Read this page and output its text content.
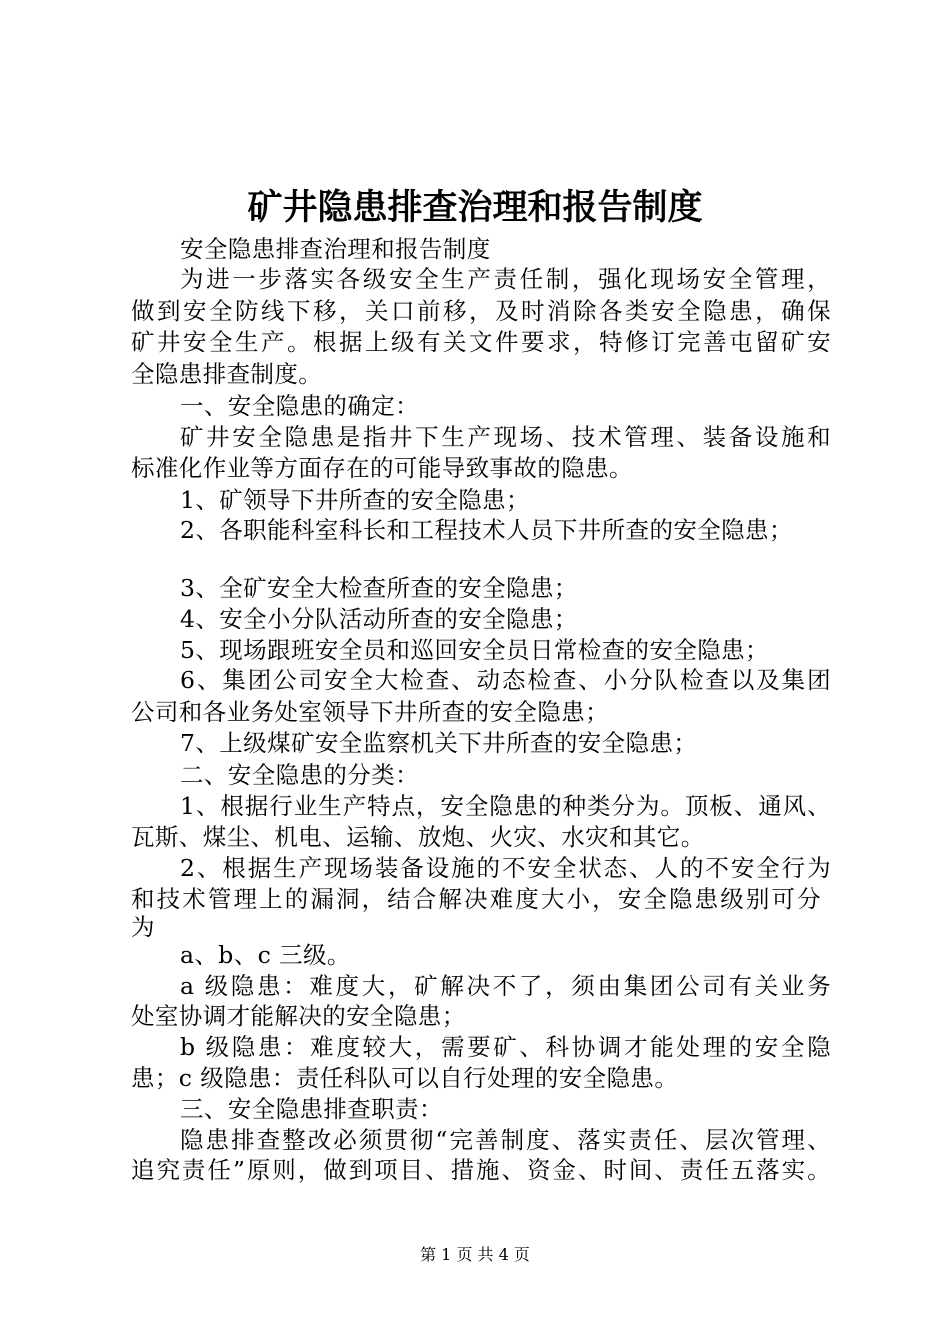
矿井隐患排查治理和报告制度

安全隐患排查治理和报告制度

为进一步落实各级安全生产责任制，强化现场安全管理，

做到安全防线下移，关口前移，及时消除各类安全隐患，确保

矿井安全生产。根据上级有关文件要求，特修订完善屯留矿安

全隐患排查制度。

一、安全隐患的确定：

矿井安全隐患是指井下生产现场、技术管理、装备设施和

标准化作业等方面存在的可能导致事故的隐患。

1、矿领导下井所查的安全隐患；

2、各职能科室科长和工程技术人员下井所查的安全隐患；

3、全矿安全大检查所查的安全隐患；

4、安全小分队活动所查的安全隐患；

5、现场跟班安全员和巡回安全员日常检查的安全隐患；

6、集团公司安全大检查、动态检查、小分队检查以及集团

公司和各业务处室领导下井所查的安全隐患；

7、上级煤矿安全监察机关下井所查的安全隐患；

二、安全隐患的分类：

1、根据行业生产特点，安全隐患的种类分为。顶板、通风、

瓦斯、煤尘、机电、运输、放炮、火灾、水灾和其它。

2、根据生产现场装备设施的不安全状态、人的不安全行为

和技术管理上的漏洞，结合解决难度大小，安全隐患级别可分

为

a、b、c 三级。

a 级隐患：难度大，矿解决不了，须由集团公司有关业务

处室协调才能解决的安全隐患；

b 级隐患：难度较大，需要矿、科协调才能处理的安全隐

患；c 级隐患：责任科队可以自行处理的安全隐患。

三、安全隐患排查职责：

隐患排查整改必须贯彻“完善制度、落实责任、层次管理、

追究责任”原则，做到项目、措施、资金、时间、责任五落实。

第 1 页 共 4 页
